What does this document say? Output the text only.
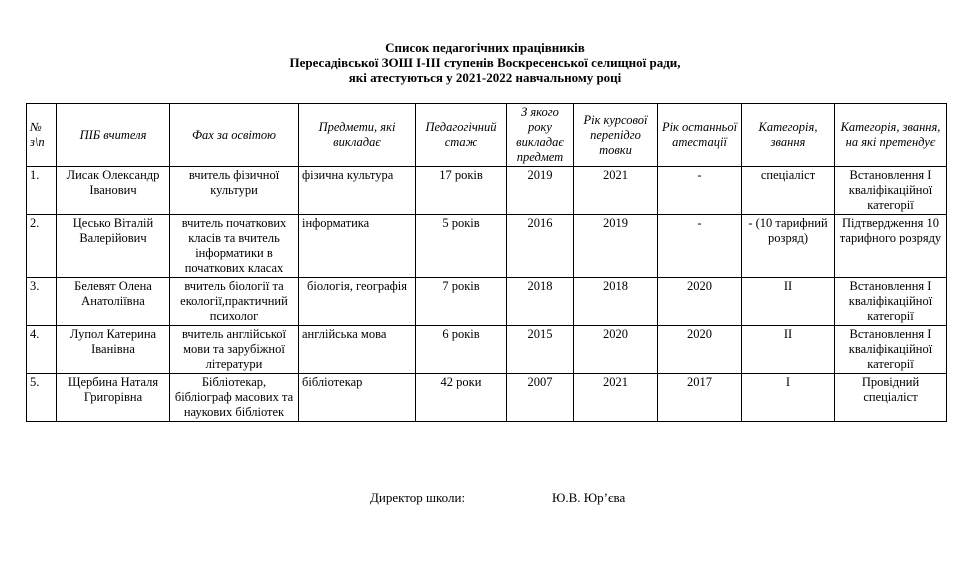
Список педагогічних працівників
Пересадівської ЗОШ І-ІІІ ступенів Воскресенської селищної ради,
які атестуються у 2021-2022 навчальному році
№ з\п	ПІБ вчителя	Фах за освітою	Предмети, які викладає	Педагогічний стаж	З якого року викладає предмет	Рік курсової перепідго товки	Рік останньої атестації	Категорія, звання	Категорія, звання, на які претендує
1.	Лисак Олександр Іванович	вчитель фізичної культури	фізична культура	17 років	2019	2021	-	спеціаліст	Встановлення І кваліфікаційної категорії
2.	Цесько Віталій Валерійович	вчитель початкових класів та вчитель інформатики в початкових класах	інформатика	5 років	2016	2019	-	- (10 тарифний розряд)	Підтвердження 10 тарифного розряду
3.	Белевят Олена Анатоліївна	вчитель біології та екології,практичний психолог	біологія, географія	7 років	2018	2018	2020	ІІ	Встановлення І кваліфікаційної категорії
4.	Лупол Катерина Іванівна	вчитель англійської мови та зарубіжної літератури	англійська мова	6 років	2015	2020	2020	ІІ	Встановлення І кваліфікаційної категорії
5.	Щербина Наталя Григорівна	Бібліотекар, бібліограф масових та наукових бібліотек	бібліотекар	42 роки	2007	2021	2017	І	Провідний спеціаліст
Директор школи:	Ю.В. Юр’єва
